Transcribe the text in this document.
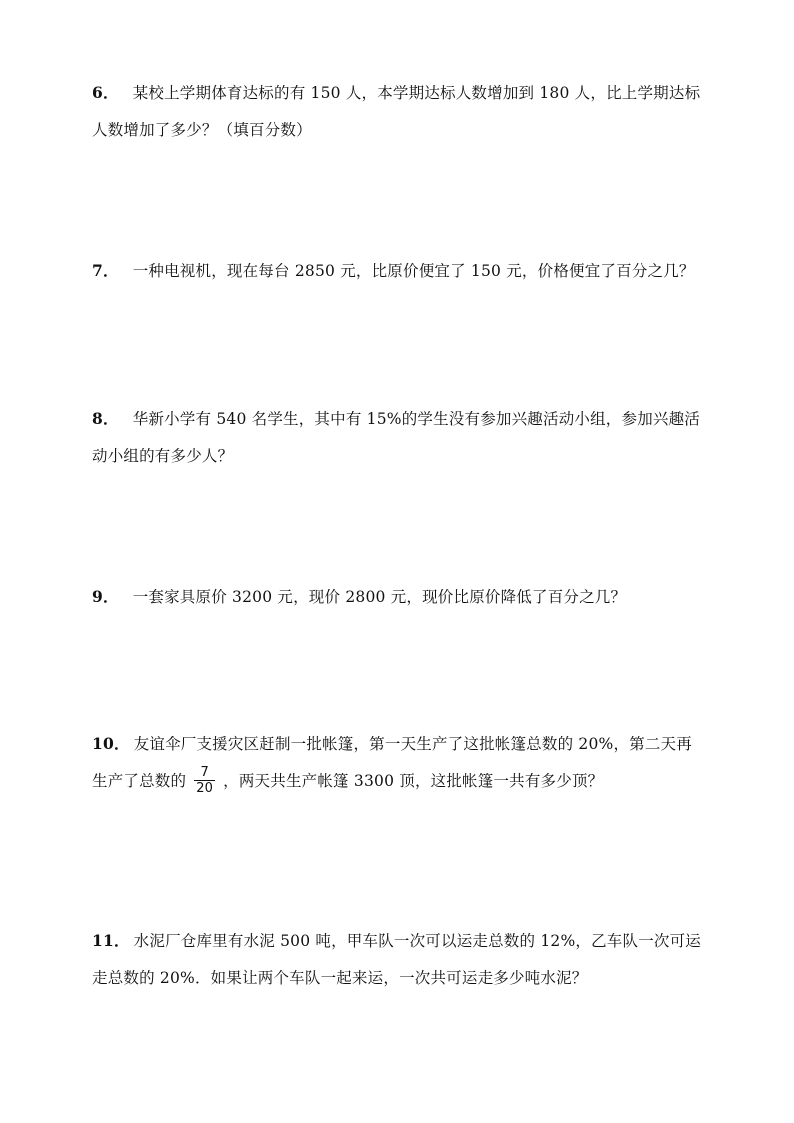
6． 某校上学期体育达标的有 150 人，本学期达标人数增加到 180 人，比上学期达标
人数增加了多少？（填百分数）
7． 一种电视机，现在每台 2850 元，比原价便宜了 150 元，价格便宜了百分之几？
8． 华新小学有 540 名学生，其中有 15%的学生没有参加兴趣活动小组，参加兴趣活
动小组的有多少人？
9． 一套家具原价 3200 元，现价 2800 元，现价比原价降低了百分之几？
10． 友谊伞厂支援灾区赶制一批帐篷，第一天生产了这批帐篷总数的 20%，第二天再
生产了总数的 $\frac{7}{20}$ ，两天共生产帐篷 3300 顶，这批帐篷一共有多少顶？
11． 水泥厂仓库里有水泥 500 吨，甲车队一次可以运走总数的 12%，乙车队一次可运
走总数的 20%．如果让两个车队一起来运，一次共可运走多少吨水泥？
